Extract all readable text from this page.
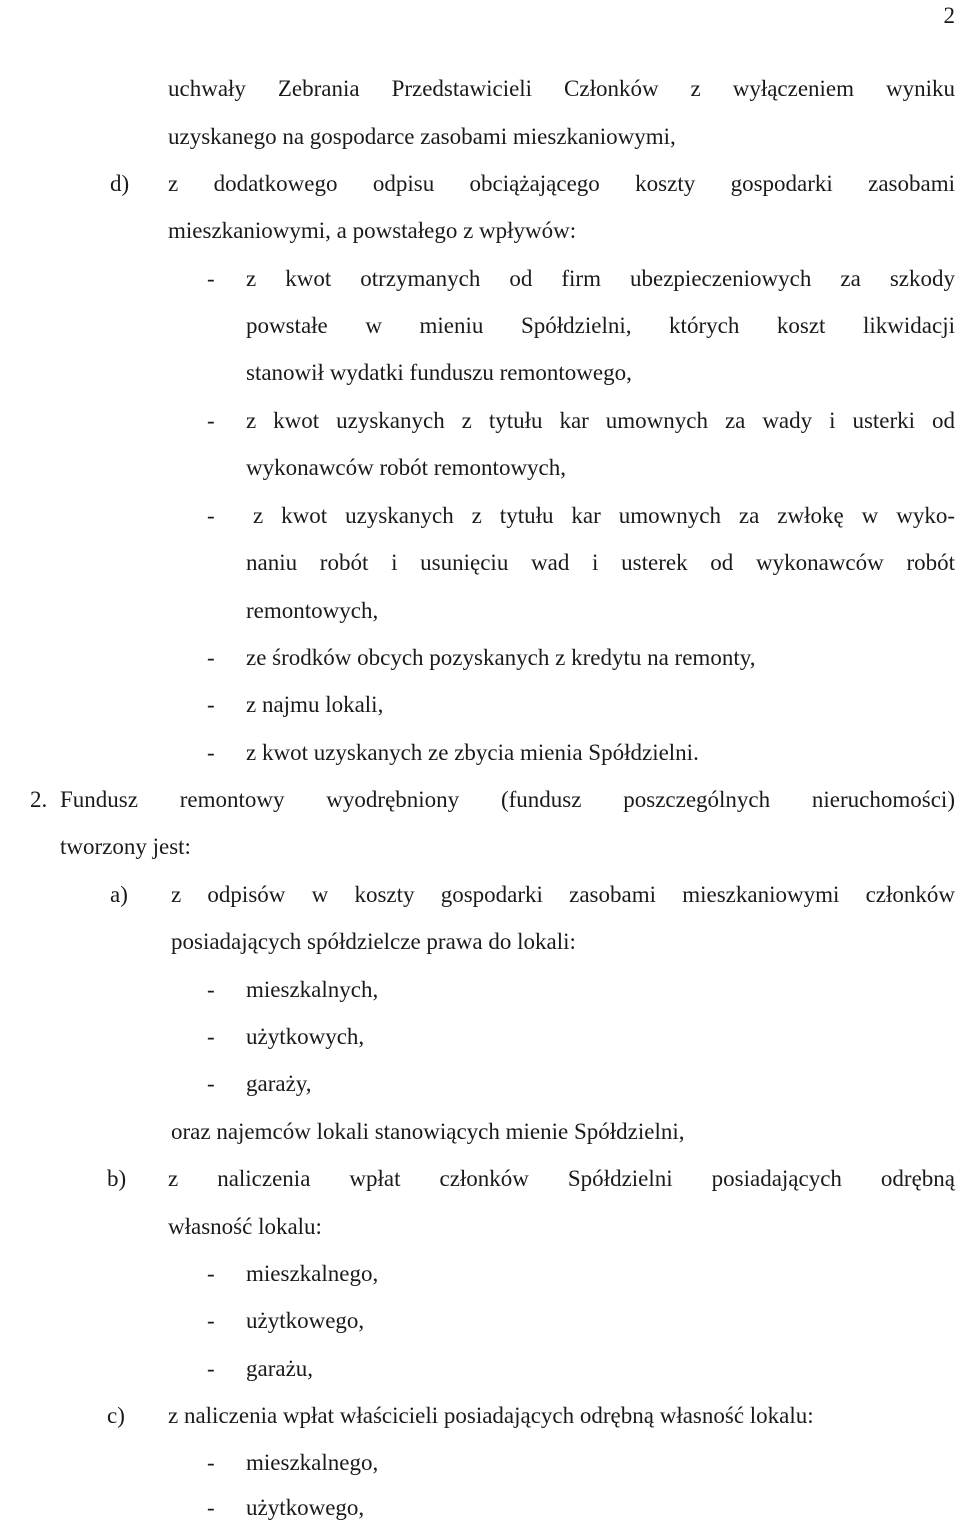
2
uchwały Zebrania Przedstawicieli Członków z wyłączeniem wyniku
uzyskanego na gospodarce zasobami mieszkaniowymi,
d) z dodatkowego odpisu obciążającego koszty gospodarki zasobami
mieszkaniowymi, a powstałego z wpływów:
- z kwot otrzymanych od firm ubezpieczeniowych za szkody
powstałe w mieniu Spółdzielni, których koszt likwidacji
stanowił wydatki funduszu remontowego,
- z kwot uzyskanych z tytułu kar umownych za wady i usterki od
wykonawców robót remontowych,
- z kwot uzyskanych z tytułu kar umownych za zwłokę w wyko-
naniu robót i usunięciu wad i usterek od wykonawców robót
remontowych,
- ze środków obcych pozyskanych z kredytu na remonty,
- z najmu lokali,
- z kwot uzyskanych ze zbycia mienia Spółdzielni.
2. Fundusz remontowy wyodrębniony (fundusz poszczególnych nieruchomości)
tworzony jest:
a) z odpisów w koszty gospodarki zasobami mieszkaniowymi członków
posiadających spółdzielcze prawa do lokali:
- mieszkalnych,
- użytkowych,
- garaży,
oraz najemców lokali stanowiących mienie Spółdzielni,
b) z naliczenia wpłat członków Spółdzielni posiadających odrębną
własność lokalu:
- mieszkalnego,
- użytkowego,
- garażu,
c) z naliczenia wpłat właścicieli posiadających odrębną własność lokalu:
- mieszkalnego,
- użytkowego,
